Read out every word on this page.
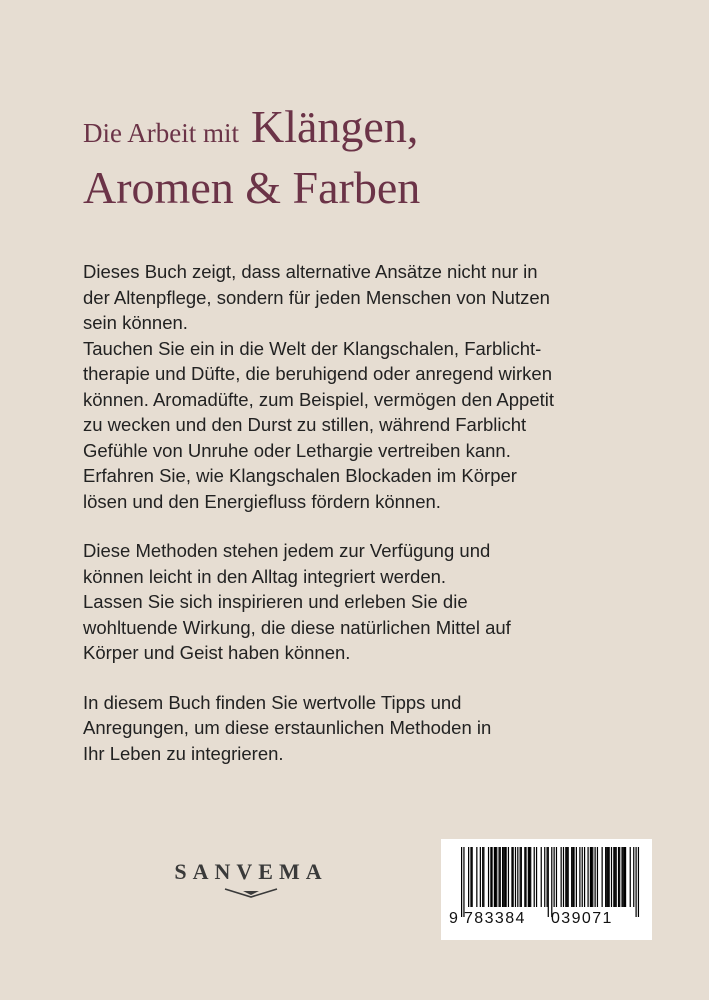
Die Arbeit mit Klängen,
Aromen & Farben

Dieses Buch zeigt, dass alternative Ansätze nicht nur in
der Altenpflege, sondern für jeden Menschen von Nutzen
sein können.
Tauchen Sie ein in die Welt der Klangschalen, Farblicht-
therapie und Düfte, die beruhigend oder anregend wirken
können. Aromadüfte, zum Beispiel, vermögen den Appetit
zu wecken und den Durst zu stillen, während Farblicht
Gefühle von Unruhe oder Lethargie vertreiben kann.
Erfahren Sie, wie Klangschalen Blockaden im Körper
lösen und den Energiefluss fördern können.

Diese Methoden stehen jedem zur Verfügung und
können leicht in den Alltag integriert werden.
Lassen Sie sich inspirieren und erleben Sie die
wohltuende Wirkung, die diese natürlichen Mittel auf
Körper und Geist haben können.

In diesem Buch finden Sie wertvolle Tipps und
Anregungen, um diese erstaunlichen Methoden in
Ihr Leben zu integrieren.

SANVEMA
9 783384 039071
